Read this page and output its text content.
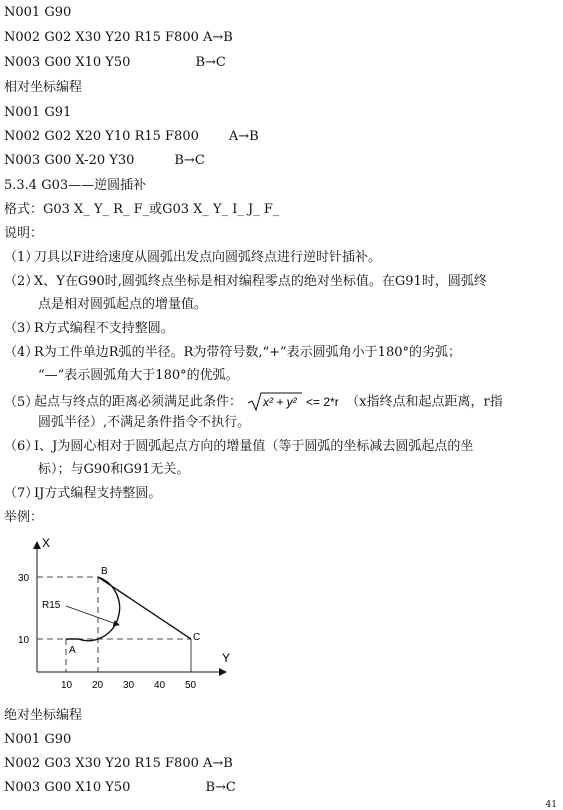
N001 G90
N002 G02 X30 Y20 R15 F800 A→B
N003 G00 X10 Y50	B→C
相对坐标编程
N001 G91
N002 G02 X20 Y10 R15 F800 A→B
N003 G00 X-20 Y30	B→C
5.3.4 G03——逆圆插补
格式：G03 X_ Y_ R_ F_或G03 X_ Y_ I_ J_ F_
说明：
（1）刀具以F进给速度从圆弧出发点向圆弧终点进行逆时针插补。
（2）X、Y在G90时,圆弧终点坐标是相对编程零点的绝对坐标值。在G91时，圆弧终
点是相对圆弧起点的增量值。
（3）R方式编程不支持整圆。
（4）R为工件单边R弧的半径。R为带符号数,“+”表示圆弧角小于180°的劣弧；
“—”表示圆弧角大于180°的优弧。
（5）起点与终点的距离必须满足此条件： x² + y² <= 2*r （x指终点和起点距离，r指
圆弧半径）,不满足条件指令不执行。
（6）I、J为圆心相对于圆弧起点方向的增量值（等于圆弧的坐标减去圆弧起点的坐
标）；与G90和G91无关。
（7）IJ方式编程支持整圆。
举例：
X
Y
R15
A
B
C
30
10
10 20 30 40 50
绝对坐标编程
N001 G90
N002 G03 X30 Y20 R15 F800 A→B
N003 G00 X10 Y50	B→C
41
